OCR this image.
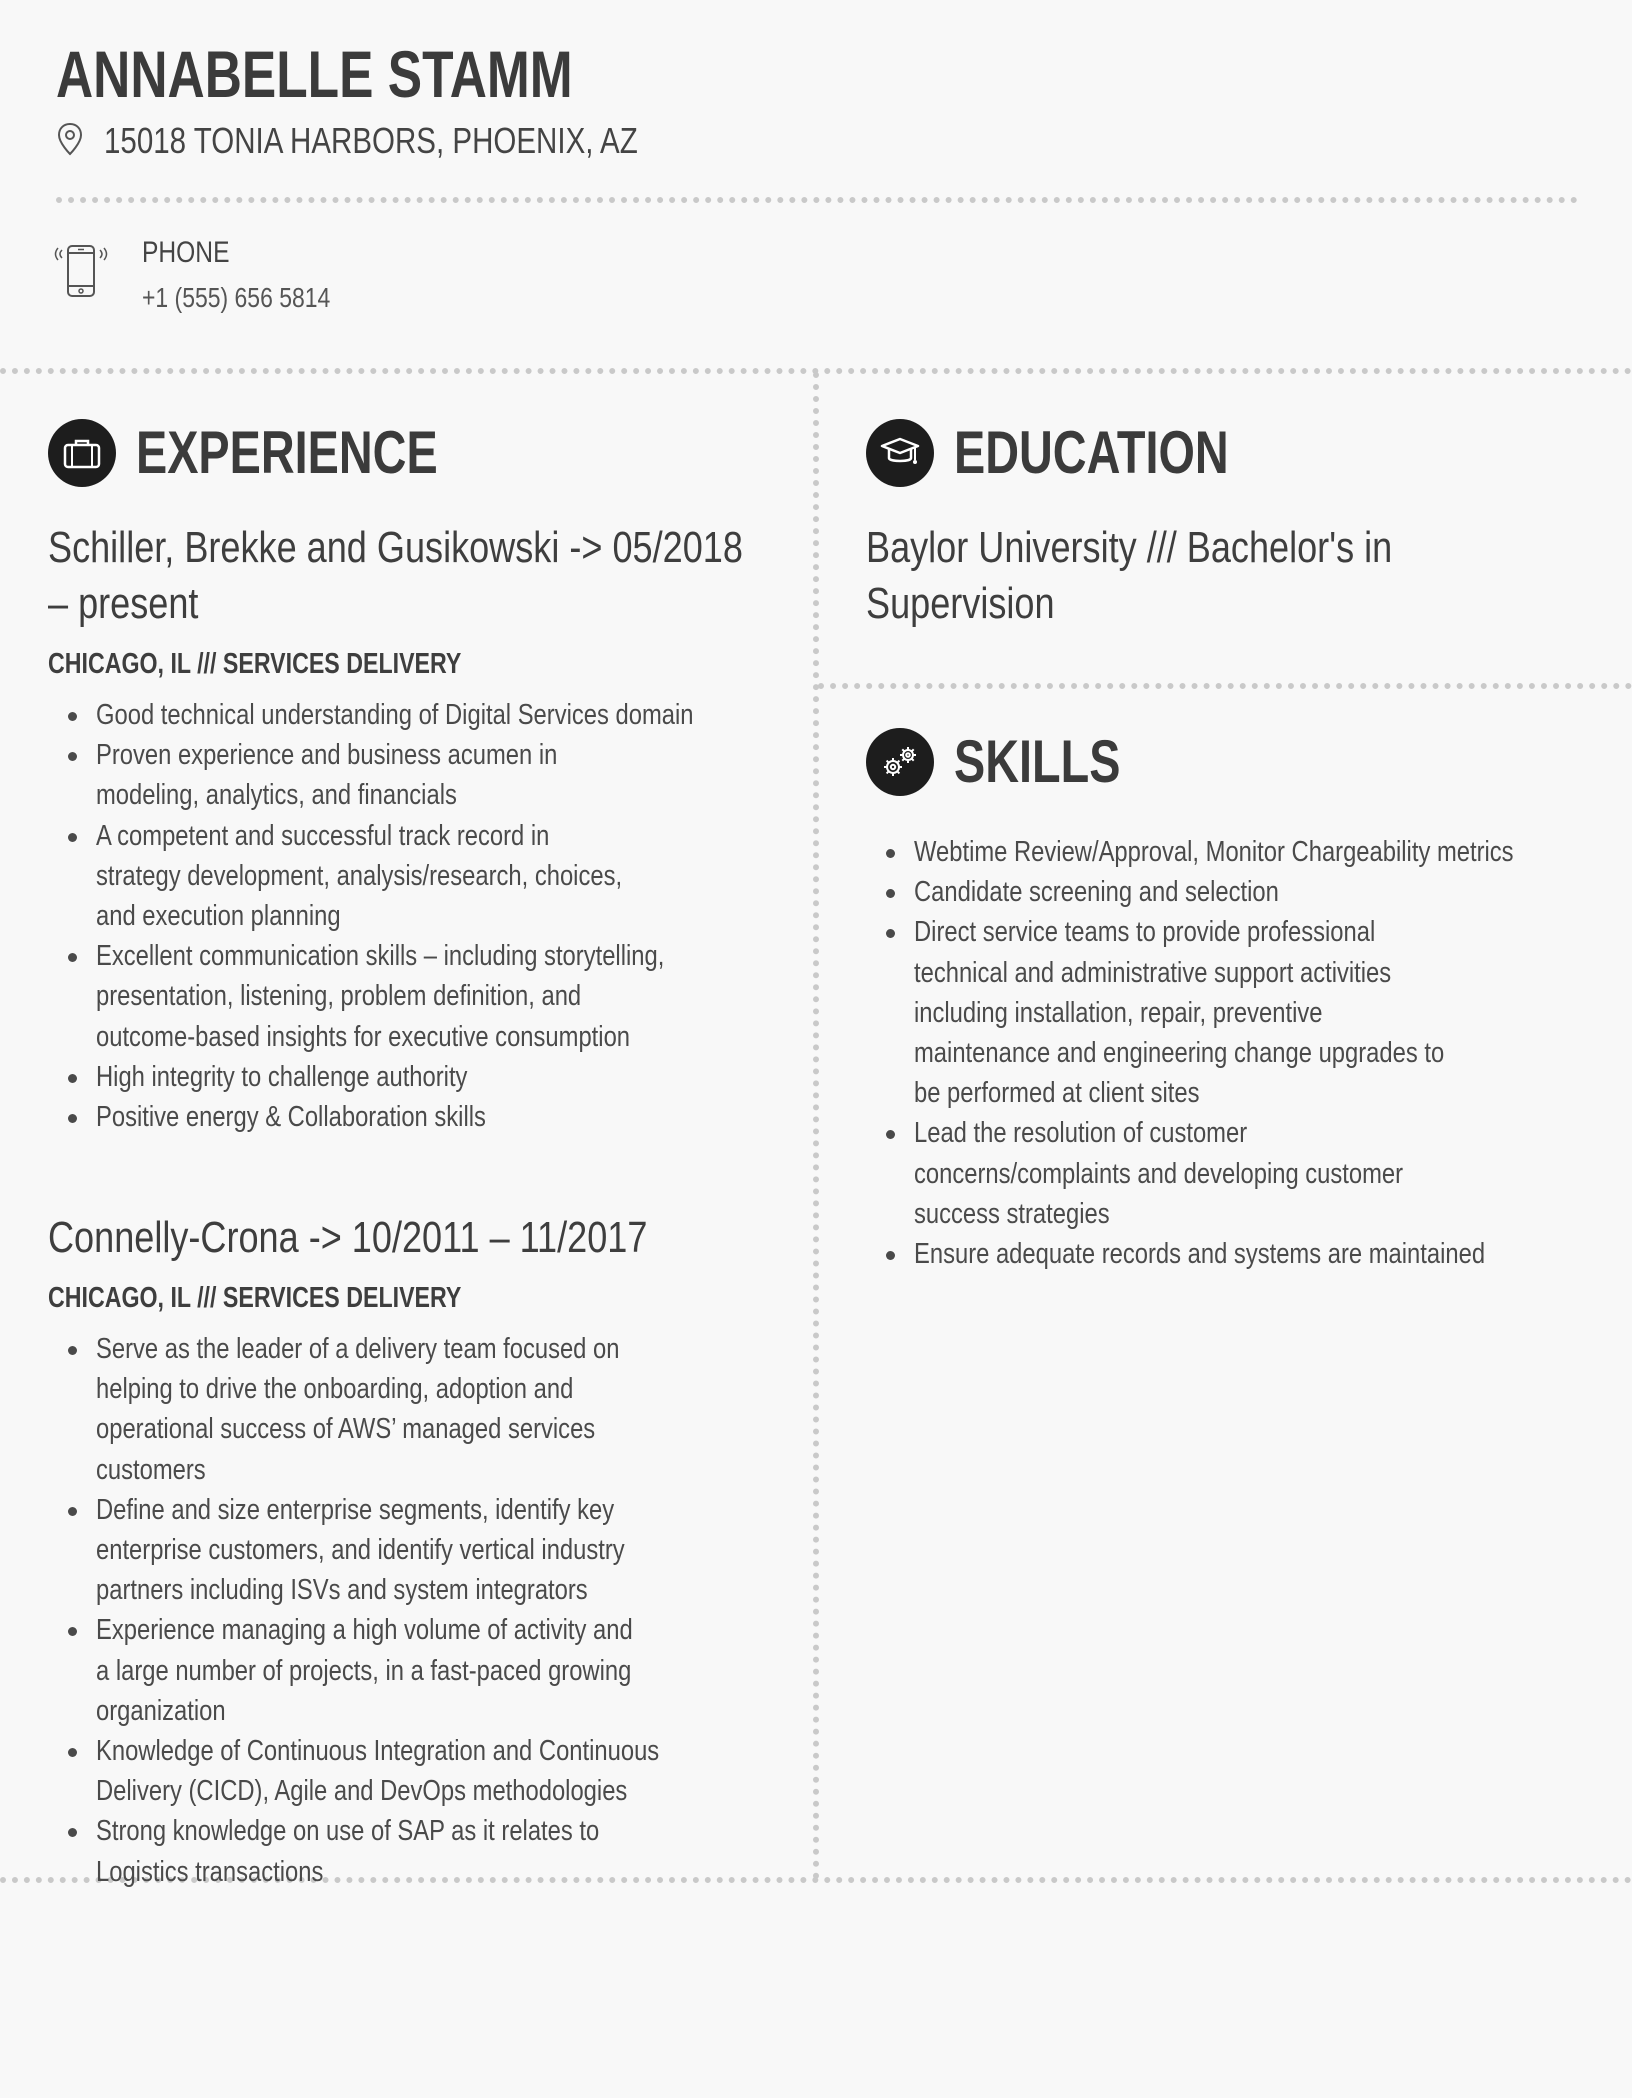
ANNABELLE STAMM
15018 TONIA HARBORS, PHOENIX, AZ
PHONE
+1 (555) 656 5814
EXPERIENCE
Schiller, Brekke and Gusikowski -> 05/2018
– present
CHICAGO, IL /// SERVICES DELIVERY
Good technical understanding of Digital Services domain
Proven experience and business acumen in modeling, analytics, and financials
A competent and successful track record in strategy development, analysis/research, choices, and execution planning
Excellent communication skills – including storytelling, presentation, listening, problem definition, and outcome-based insights for executive consumption
High integrity to challenge authority
Positive energy & Collaboration skills
Connelly-Crona -> 10/2011 – 11/2017
CHICAGO, IL /// SERVICES DELIVERY
Serve as the leader of a delivery team focused on helping to drive the onboarding, adoption and operational success of AWS’ managed services customers
Define and size enterprise segments, identify key enterprise customers, and identify vertical industry partners including ISVs and system integrators
Experience managing a high volume of activity and a large number of projects, in a fast-paced growing organization
Knowledge of Continuous Integration and Continuous Delivery (CICD), Agile and DevOps methodologies
Strong knowledge on use of SAP as it relates to Logistics transactions
EDUCATION
Baylor University /// Bachelor's in
Supervision
SKILLS
Webtime Review/Approval, Monitor Chargeability metrics
Candidate screening and selection
Direct service teams to provide professional technical and administrative support activities including installation, repair, preventive maintenance and engineering change upgrades to be performed at client sites
Lead the resolution of customer concerns/complaints and developing customer success strategies
Ensure adequate records and systems are maintained
